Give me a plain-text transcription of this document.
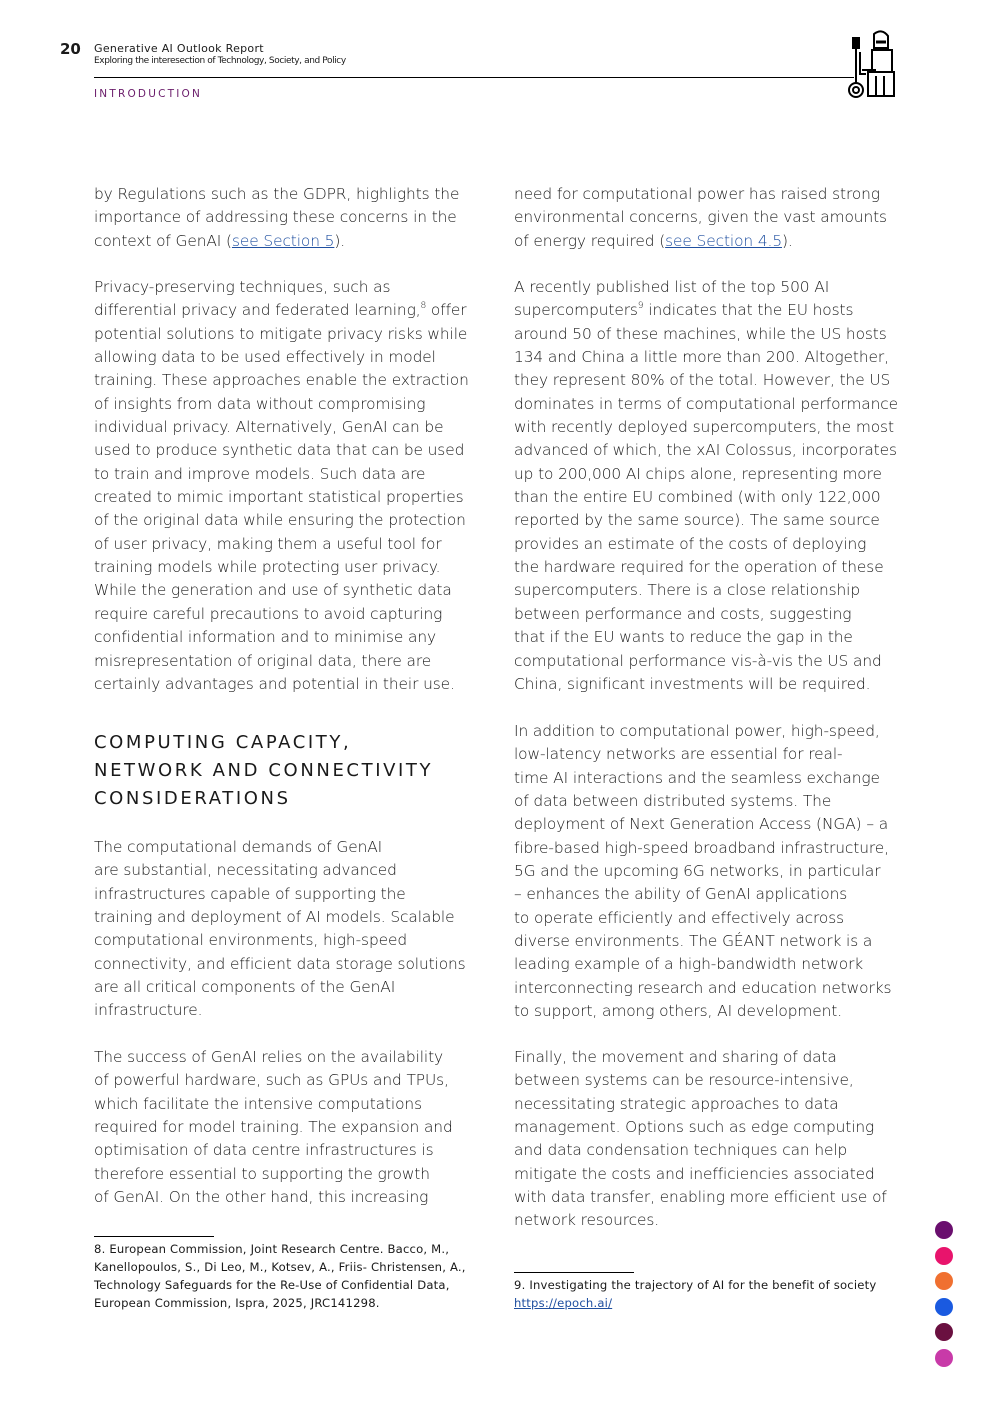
20 Generative AI Outlook Report
Exploring the interesection of Technology, Society, and Policy
INTRODUCTION
by Regulations such as the GDPR, highlights the
importance of addressing these concerns in the
context of GenAI (see Section 5).
Privacy-preserving techniques, such as
differential privacy and federated learning,$^8$ offer
potential solutions to mitigate privacy risks while
allowing data to be used effectively in model
training. These approaches enable the extraction
of insights from data without compromising
individual privacy. Alternatively, GenAI can be
used to produce synthetic data that can be used
to train and improve models. Such data are
created to mimic important statistical properties
of the original data while ensuring the protection
of user privacy, making them a useful tool for
training models while protecting user privacy.
While the generation and use of synthetic data
require careful precautions to avoid capturing
confidential information and to minimise any
misrepresentation of original data, there are
certainly advantages and potential in their use.
COMPUTING CAPACITY,
NETWORK AND CONNECTIVITY
CONSIDERATIONS
The computational demands of GenAI
are substantial, necessitating advanced
infrastructures capable of supporting the
training and deployment of AI models. Scalable
computational environments, high-speed
connectivity, and efficient data storage solutions
are all critical components of the GenAI
infrastructure.
The success of GenAI relies on the availability
of powerful hardware, such as GPUs and TPUs,
which facilitate the intensive computations
required for model training. The expansion and
optimisation of data centre infrastructures is
therefore essential to supporting the growth
of GenAI. On the other hand, this increasing
need for computational power has raised strong
environmental concerns, given the vast amounts
of energy required (see Section 4.5).
A recently published list of the top 500 AI
supercomputers$^9$ indicates that the EU hosts
around 50 of these machines, while the US hosts
134 and China a little more than 200. Altogether,
they represent 80% of the total. However, the US
dominates in terms of computational performance
with recently deployed supercomputers, the most
advanced of which, the xAI Colossus, incorporates
up to 200,000 AI chips alone, representing more
than the entire EU combined (with only 122,000
reported by the same source). The same source
provides an estimate of the costs of deploying
the hardware required for the operation of these
supercomputers. There is a close relationship
between performance and costs, suggesting
that if the EU wants to reduce the gap in the
computational performance vis-à-vis the US and
China, significant investments will be required.
In addition to computational power, high-speed,
low-latency networks are essential for real-
time AI interactions and the seamless exchange
of data between distributed systems. The
deployment of Next Generation Access (NGA) – a
fibre-based high-speed broadband infrastructure,
5G and the upcoming 6G networks, in particular
– enhances the ability of GenAI applications
to operate efficiently and effectively across
diverse environments. The GÉANT network is a
leading example of a high-bandwidth network
interconnecting research and education networks
to support, among others, AI development.
Finally, the movement and sharing of data
between systems can be resource-intensive,
necessitating strategic approaches to data
management. Options such as edge computing
and data condensation techniques can help
mitigate the costs and inefficiencies associated
with data transfer, enabling more efficient use of
network resources.
8. European Commission, Joint Research Centre. Bacco, M.,
Kanellopoulos, S., Di Leo, M., Kotsev, A., Friis- Christensen, A.,
Technology Safeguards for the Re-Use of Confidential Data,
European Commission, Ispra, 2025, JRC141298.
9. Investigating the trajectory of AI for the benefit of society
https://epoch.ai/
